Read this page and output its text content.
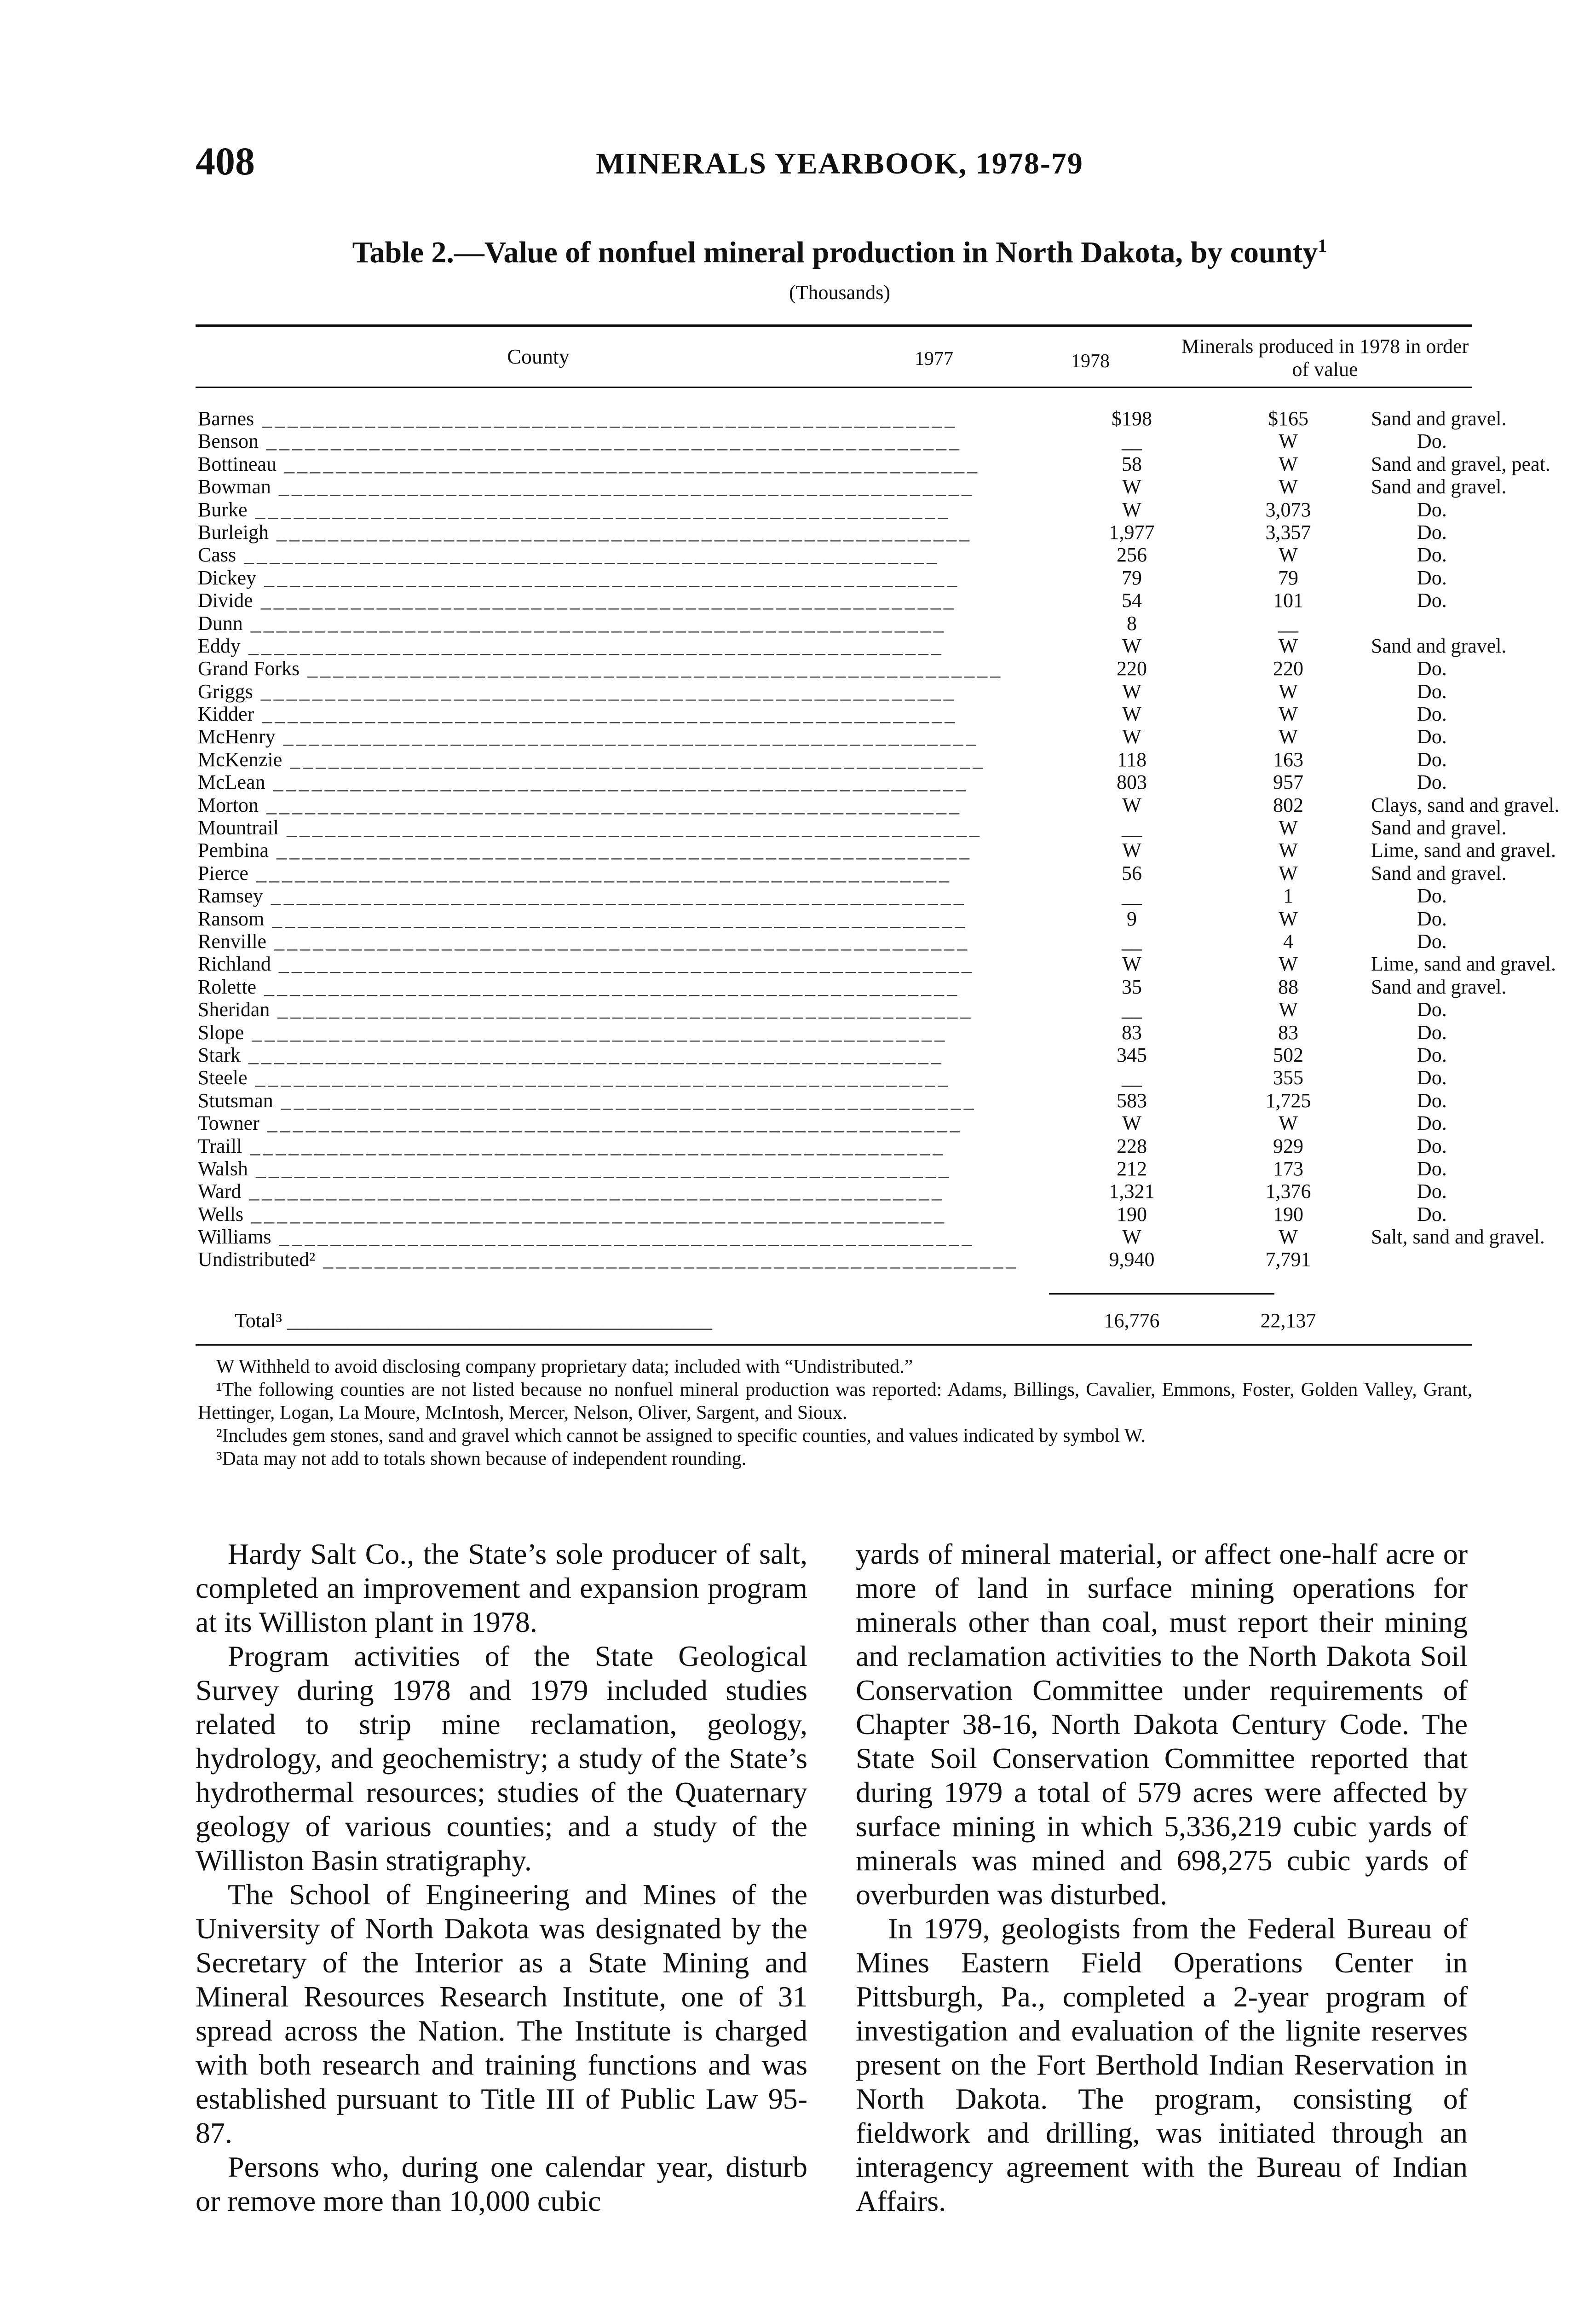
408	MINERALS YEARBOOK, 1978-79
Table 2.—Value of nonfuel mineral production in North Dakota, by county$^1$
(Thousands)
County	1977	1978
Minerals produced in 1978 in order of value
Barnes ______________________________________________________	$198	$165	Sand and gravel.
Benson ______________________________________________________	__	W	Do.
Bottineau ______________________________________________________	58	W	Sand and gravel, peat.
Bowman ______________________________________________________	W	W	Sand and gravel.
Burke ______________________________________________________	W	3,073	Do.
Burleigh ______________________________________________________	1,977	3,357	Do.
Cass ______________________________________________________	256	W	Do.
Dickey ______________________________________________________	79	79	Do.
Divide ______________________________________________________	54	101	Do.
Dunn ______________________________________________________	8	__
Eddy ______________________________________________________	W	W	Sand and gravel.
Grand Forks ______________________________________________________	220	220	Do.
Griggs ______________________________________________________	W	W	Do.
Kidder ______________________________________________________	W	W	Do.
McHenry ______________________________________________________	W	W	Do.
McKenzie ______________________________________________________	118	163	Do.
McLean ______________________________________________________	803	957	Do.
Morton ______________________________________________________	W	802	Clays, sand and gravel.
Mountrail ______________________________________________________	__	W	Sand and gravel.
Pembina ______________________________________________________	W	W	Lime, sand and gravel.
Pierce ______________________________________________________	56	W	Sand and gravel.
Ramsey ______________________________________________________	__	1	Do.
Ransom ______________________________________________________	9	W	Do.
Renville ______________________________________________________	__	4	Do.
Richland ______________________________________________________	W	W	Lime, sand and gravel.
Rolette ______________________________________________________	35	88	Sand and gravel.
Sheridan ______________________________________________________	__	W	Do.
Slope ______________________________________________________	83	83	Do.
Stark ______________________________________________________	345	502	Do.
Steele ______________________________________________________	__	355	Do.
Stutsman ______________________________________________________	583	1,725	Do.
Towner ______________________________________________________	W	W	Do.
Traill ______________________________________________________	228	929	Do.
Walsh ______________________________________________________	212	173	Do.
Ward ______________________________________________________	1,321	1,376	Do.
Wells ______________________________________________________	190	190	Do.
Williams ______________________________________________________	W	W	Salt, sand and gravel.
Undistributed² ______________________________________________________	9,940	7,791
Total³ __________________________________________	16,776	22,137

W Withheld to avoid disclosing company proprietary data; included with “Undistributed.”

¹The following counties are not listed because no nonfuel mineral production was reported: Adams, Billings, Cavalier, Emmons, Foster, Golden Valley, Grant, Hettinger, Logan, La Moure, McIntosh, Mercer, Nelson, Oliver, Sargent, and Sioux.

²Includes gem stones, sand and gravel which cannot be assigned to specific counties, and values indicated by symbol W.

³Data may not add to totals shown because of independent rounding.

Hardy Salt Co., the State’s sole producer of salt, completed an improvement and expansion program at its Williston plant in 1978.

Program activities of the State Geological Survey during 1978 and 1979 included studies related to strip mine reclamation, geology, hydrology, and geochemistry; a study of the State’s hydrothermal resources; studies of the Quaternary geology of various counties; and a study of the Williston Basin stratigraphy.

The School of Engineering and Mines of the University of North Dakota was designated by the Secretary of the Interior as a State Mining and Mineral Resources Research Institute, one of 31 spread across the Nation. The Institute is charged with both research and training functions and was established pursuant to Title III of Public Law 95-87.

Persons who, during one calendar year, disturb or remove more than 10,000 cubic

yards of mineral material, or affect one-half acre or more of land in surface mining operations for minerals other than coal, must report their mining and reclamation activities to the North Dakota Soil Conservation Committee under requirements of Chapter 38-16, North Dakota Century Code. The State Soil Conservation Committee reported that during 1979 a total of 579 acres were affected by surface mining in which 5,336,219 cubic yards of minerals was mined and 698,275 cubic yards of overburden was disturbed.

In 1979, geologists from the Federal Bureau of Mines Eastern Field Operations Center in Pittsburgh, Pa., completed a 2-year program of investigation and evaluation of the lignite reserves present on the Fort Berthold Indian Reservation in North Dakota. The program, consisting of fieldwork and drilling, was initiated through an interagency agreement with the Bureau of Indian Affairs.
